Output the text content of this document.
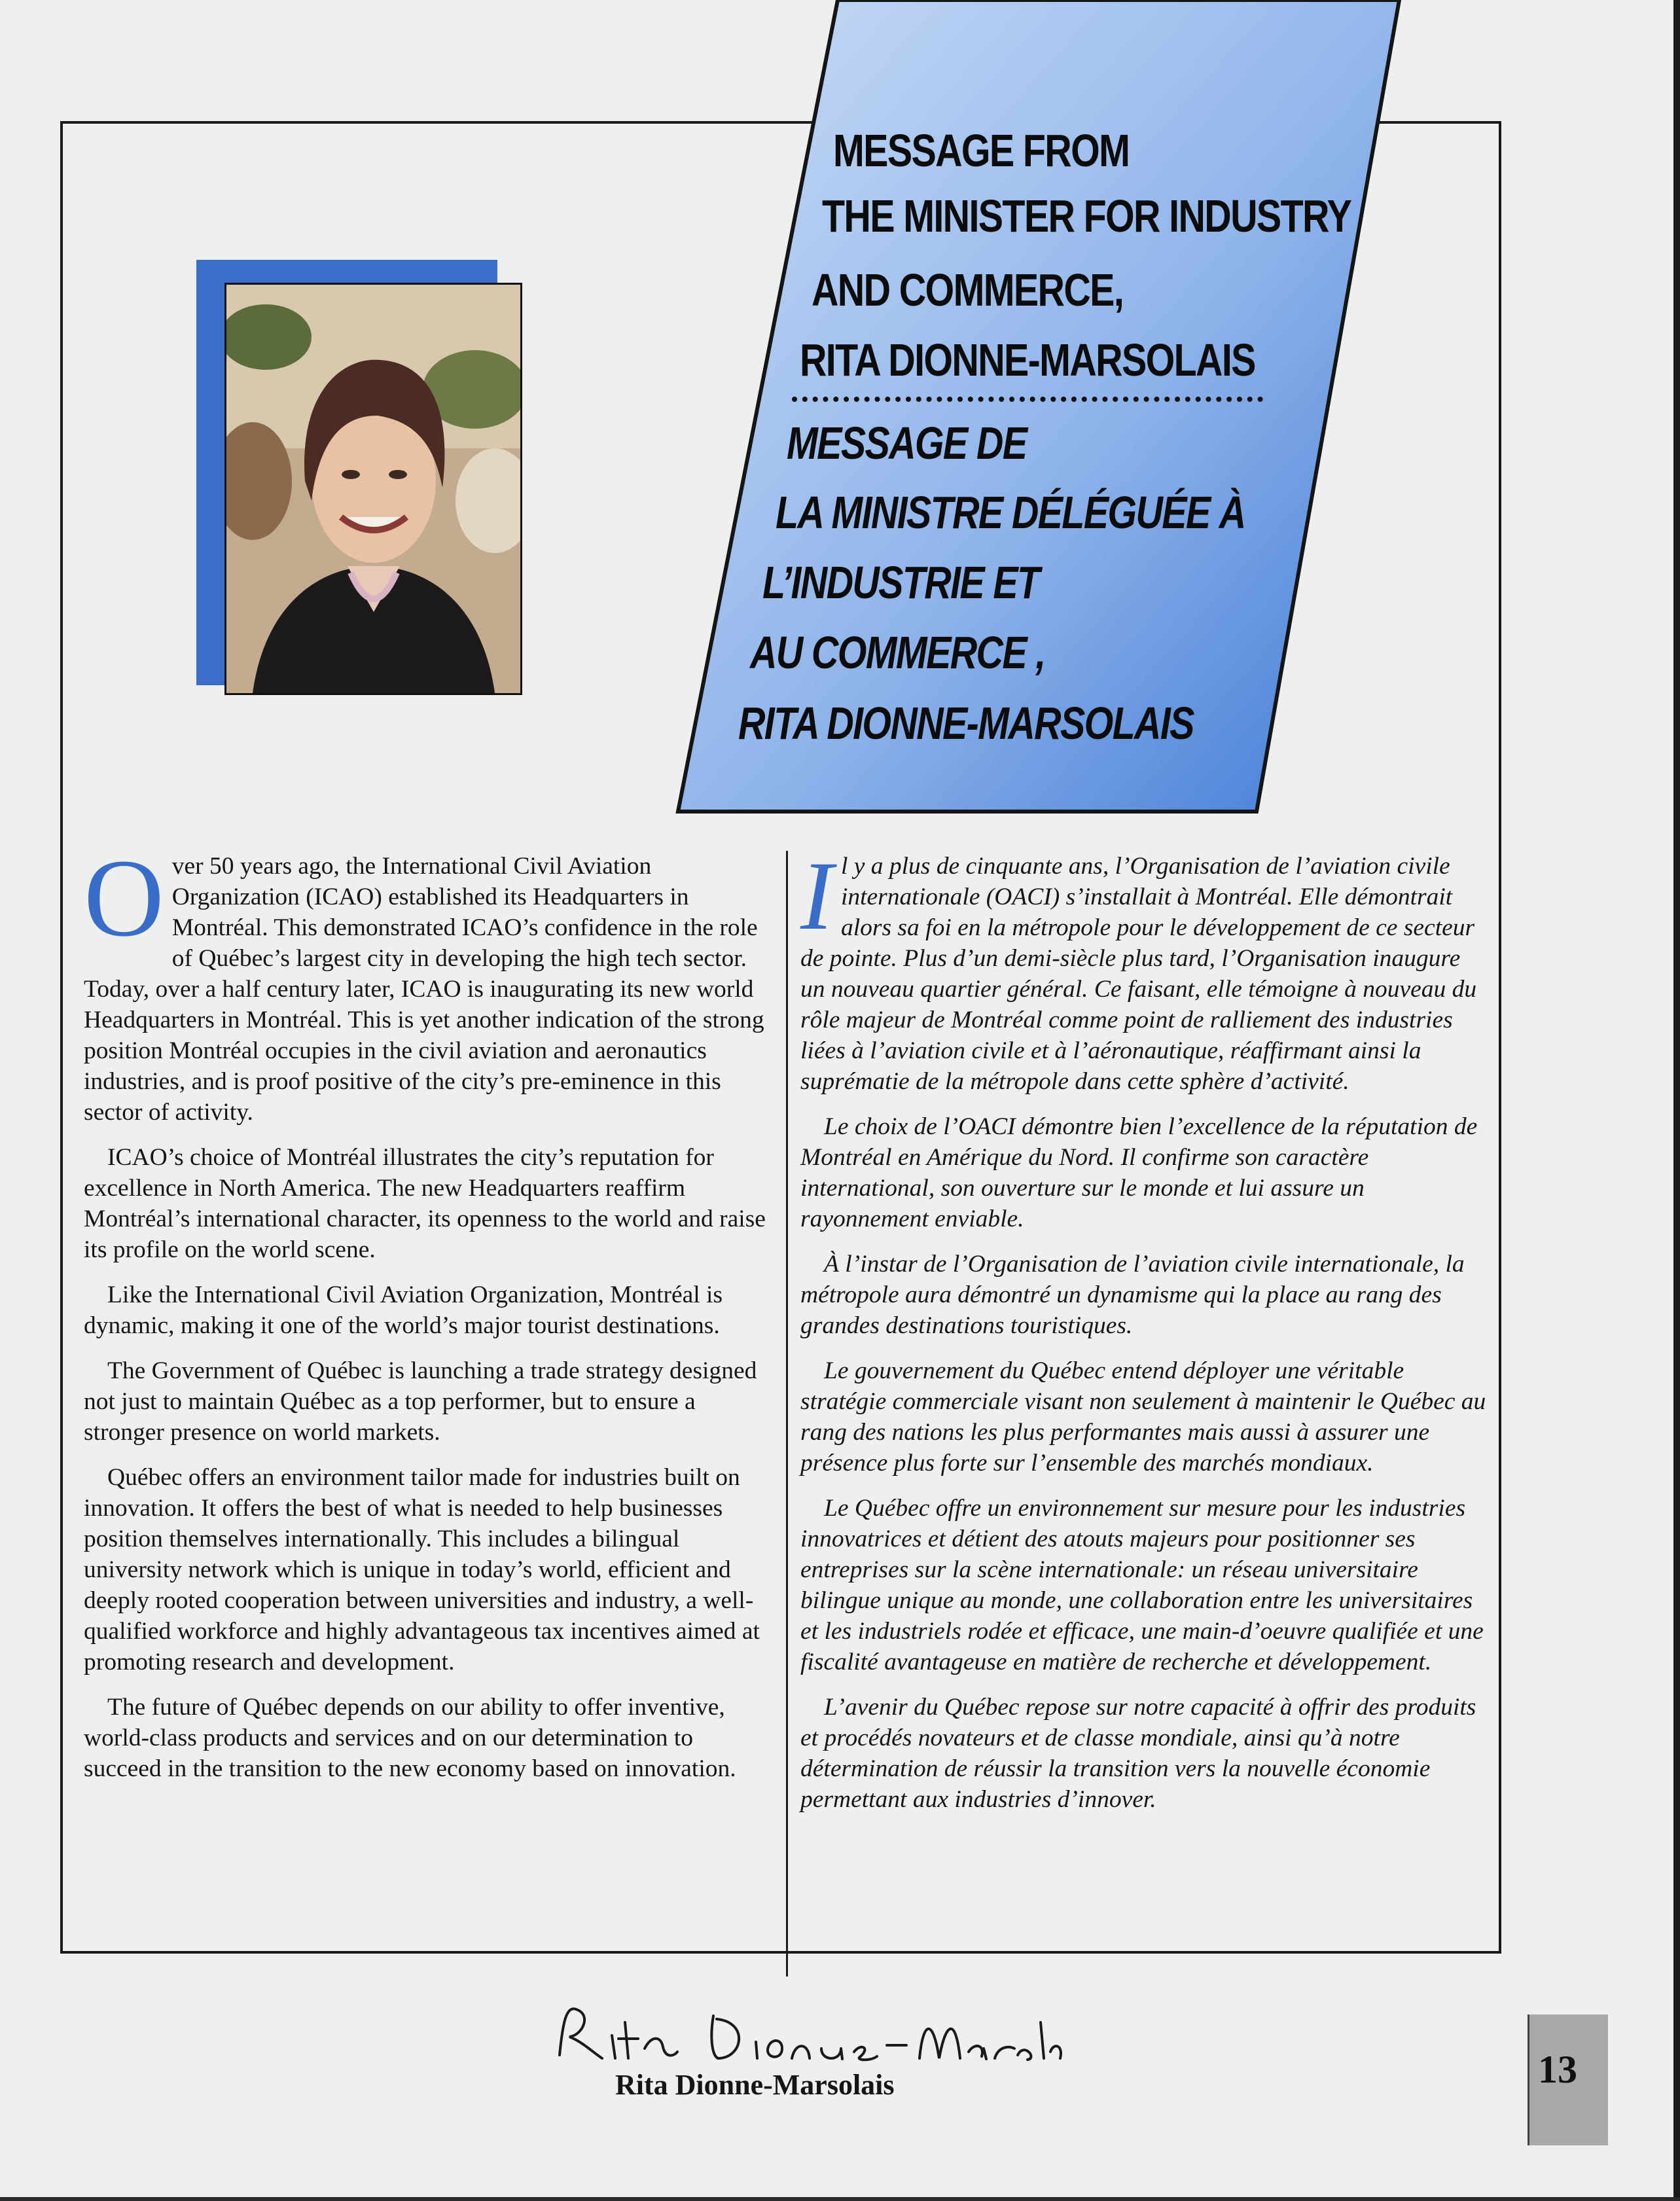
MESSAGE FROM
THE MINISTER FOR INDUSTRY
AND COMMERCE,
RITA DIONNE-MARSOLAIS
MESSAGE DE
LA MINISTRE DÉLÉGUÉE À
L’INDUSTRIE ET
AU COMMERCE ,
RITA DIONNE-MARSOLAIS

Over 50 years ago, the International Civil Aviation Organization (ICAO) established its Headquarters in Montréal. This demonstrated ICAO’s confidence in the role of Québec’s largest city in developing the high tech sector. Today, over a half century later, ICAO is inaugurating its new world Headquarters in Montréal. This is yet another indication of the strong position Montréal occupies in the civil aviation and aeronautics industries, and is proof positive of the city’s pre-eminence in this sector of activity.

ICAO’s choice of Montréal illustrates the city’s reputation for excellence in North America. The new Headquarters reaffirm Montréal’s international character, its openness to the world and raise its profile on the world scene.

Like the International Civil Aviation Organization, Montréal is dynamic, making it one of the world’s major tourist destinations.

The Government of Québec is launching a trade strategy designed not just to maintain Québec as a top performer, but to ensure a stronger presence on world markets.

Québec offers an environment tailor made for industries built on innovation. It offers the best of what is needed to help businesses position themselves internationally. This includes a bilingual university network which is unique in today’s world, efficient and deeply rooted cooperation between universities and industry, a well-qualified workforce and highly advantageous tax incentives aimed at promoting research and development.

The future of Québec depends on our ability to offer inventive, world-class products and services and on our determination to succeed in the transition to the new economy based on innovation.

Il y a plus de cinquante ans, l’Organisation de l’aviation civile internationale (OACI) s’installait à Montréal. Elle démontrait alors sa foi en la métropole pour le développement de ce secteur de pointe. Plus d’un demi-siècle plus tard, l’Organisation inaugure un nouveau quartier général. Ce faisant, elle témoigne à nouveau du rôle majeur de Montréal comme point de ralliement des industries liées à l’aviation civile et à l’aéronautique, réaffirmant ainsi la suprématie de la métropole dans cette sphère d’activité.

Le choix de l’OACI démontre bien l’excellence de la réputation de Montréal en Amérique du Nord. Il confirme son caractère international, son ouverture sur le monde et lui assure un rayonnement enviable.

À l’instar de l’Organisation de l’aviation civile internationale, la métropole aura démontré un dynamisme qui la place au rang des grandes destinations touristiques.

Le gouvernement du Québec entend déployer une véritable stratégie commerciale visant non seulement à maintenir le Québec au rang des nations les plus performantes mais aussi à assurer une présence plus forte sur l’ensemble des marchés mondiaux.

Le Québec offre un environnement sur mesure pour les industries innovatrices et détient des atouts majeurs pour positionner ses entreprises sur la scène internationale: un réseau universitaire bilingue unique au monde, une collaboration entre les universitaires et les industriels rodée et efficace, une main-d’oeuvre qualifiée et une fiscalité avantageuse en matière de recherche et développement.

L’avenir du Québec repose sur notre capacité à offrir des produits et procédés novateurs et de classe mondiale, ainsi qu’à notre détermination de réussir la transition vers la nouvelle économie permettant aux industries d’innover.

Rita Dionne-Marsolais	13
